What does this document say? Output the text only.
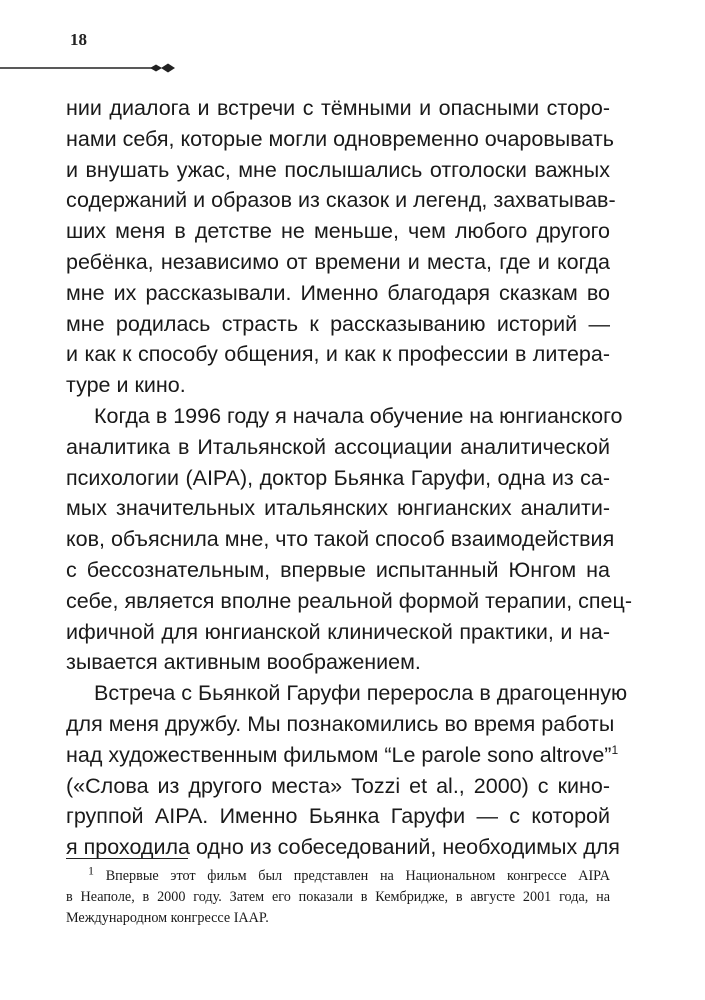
18
нии диалога и встречи с тёмными и опасными сторо-
нами себя, которые могли одновременно очаровывать
и внушать ужас, мне послышались отголоски важных
содержаний и образов из сказок и легенд, захватывав-
ших меня в детстве не меньше, чем любого другого
ребёнка, независимо от времени и места, где и когда
мне их рассказывали. Именно благодаря сказкам во
мне родилась страсть к рассказыванию историй —
и как к способу общения, и как к профессии в литера-
туре и кино.
Когда в 1996 году я начала обучение на юнгианского
аналитика в Итальянской ассоциации аналитической
психологии (AIPA), доктор Бьянка Гаруфи, одна из са-
мых значительных итальянских юнгианских аналити-
ков, объяснила мне, что такой способ взаимодействия
с бессознательным, впервые испытанный Юнгом на
себе, является вполне реальной формой терапии, спец-
ифичной для юнгианской клинической практики, и на-
зывается активным воображением.
Встреча с Бьянкой Гаруфи переросла в драгоценную
для меня дружбу. Мы познакомились во время работы
над художественным фильмом “Le parole sono altrove”$^1$
(«Слова из другого места» Tozzi et al., 2000) с кино-
группой AIPA. Именно Бьянка Гаруфи — с которой
я проходила одно из собеседований, необходимых для
$^1$ Впервые этот фильм был представлен на Национальном конгрессе AIPA
в Неаполе, в 2000 году. Затем его показали в Кембридже, в августе 2001 года, на
Международном конгрессе IAAP.
